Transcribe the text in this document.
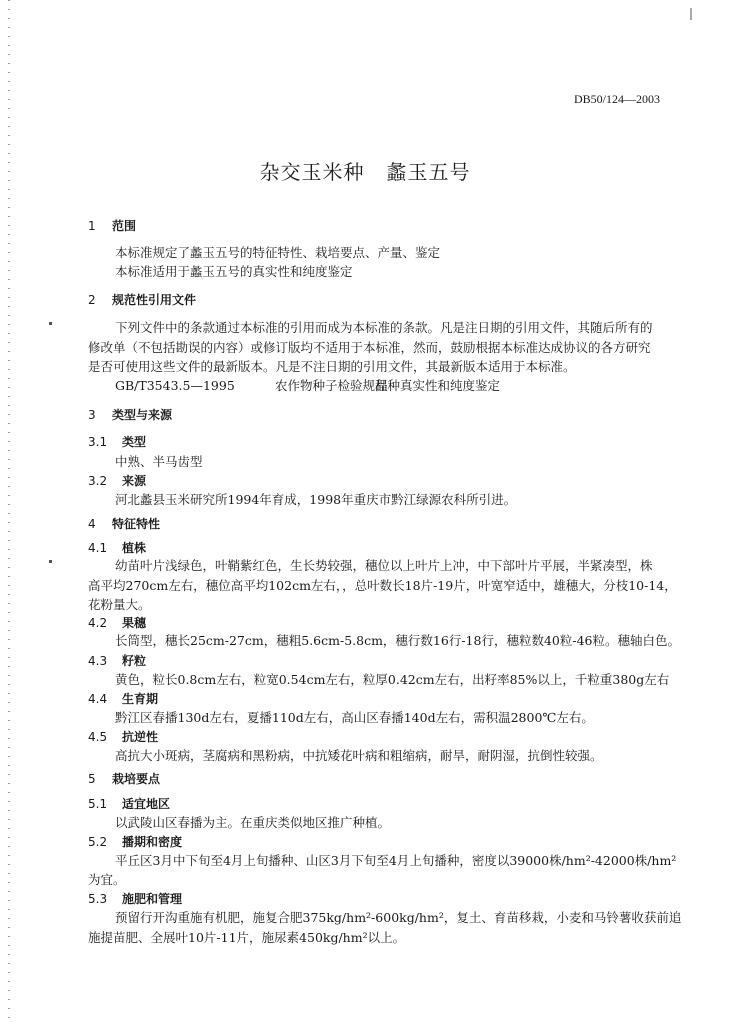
DB50/124—2003
杂交玉米种 蠡玉五号
1 范围
本标准规定了蠡玉五号的特征特性、栽培要点、产量、鉴定
本标准适用于蠡玉五号的真实性和纯度鉴定
2 规范性引用文件
下列文件中的条款通过本标准的引用而成为本标准的条款。凡是注日期的引用文件，其随后所有的
修改单（不包括勘误的内容）或修订版均不适用于本标准，然而，鼓励根据本标准达成协议的各方研究
是否可使用这些文件的最新版本。凡是不注日期的引用文件，其最新版本适用于本标准。
GB/T3543.5—1995	农作物种子检验规程品种真实性和纯度鉴定
3 类型与来源
3.1 类型
中熟、半马齿型
3.2 来源
河北蠡县玉米研究所1994年育成，1998年重庆市黔江绿源农科所引进。
4 特征特性
4.1 植株
幼苗叶片浅绿色，叶鞘紫红色，生长势较强，穗位以上叶片上冲，中下部叶片平展，半紧凑型，株
高平均270cm左右，穗位高平均102cm左右，，总叶数长18片-19片，叶宽窄适中，雄穗大，分枝10-14，
花粉量大。
4.2 果穗
长筒型，穗长25cm-27cm，穗粗5.6cm-5.8cm，穗行数16行-18行，穗粒数40粒-46粒。穗轴白色。
4.3 籽粒
黄色，粒长0.8cm左右，粒宽0.54cm左右，粒厚0.42cm左右，出籽率85%以上，千粒重380g左右
4.4 生育期
黔江区春播130d左右，夏播110d左右，高山区春播140d左右，需积温2800℃左右。
4.5 抗逆性
高抗大小斑病，茎腐病和黑粉病，中抗矮花叶病和粗缩病，耐旱，耐阴湿，抗倒性较强。
5 栽培要点
5.1 适宜地区
以武陵山区春播为主。在重庆类似地区推广种植。
5.2 播期和密度
平丘区3月中下旬至4月上旬播种、山区3月下旬至4月上旬播种，密度以39000株/hm²-42000株/hm²
为宜。
5.3 施肥和管理
预留行开沟重施有机肥，施复合肥375kg/hm²-600kg/hm²，复土、育苗移栽，小麦和马铃薯收获前追
施提苗肥、全展叶10片-11片，施尿素450kg/hm²以上。
